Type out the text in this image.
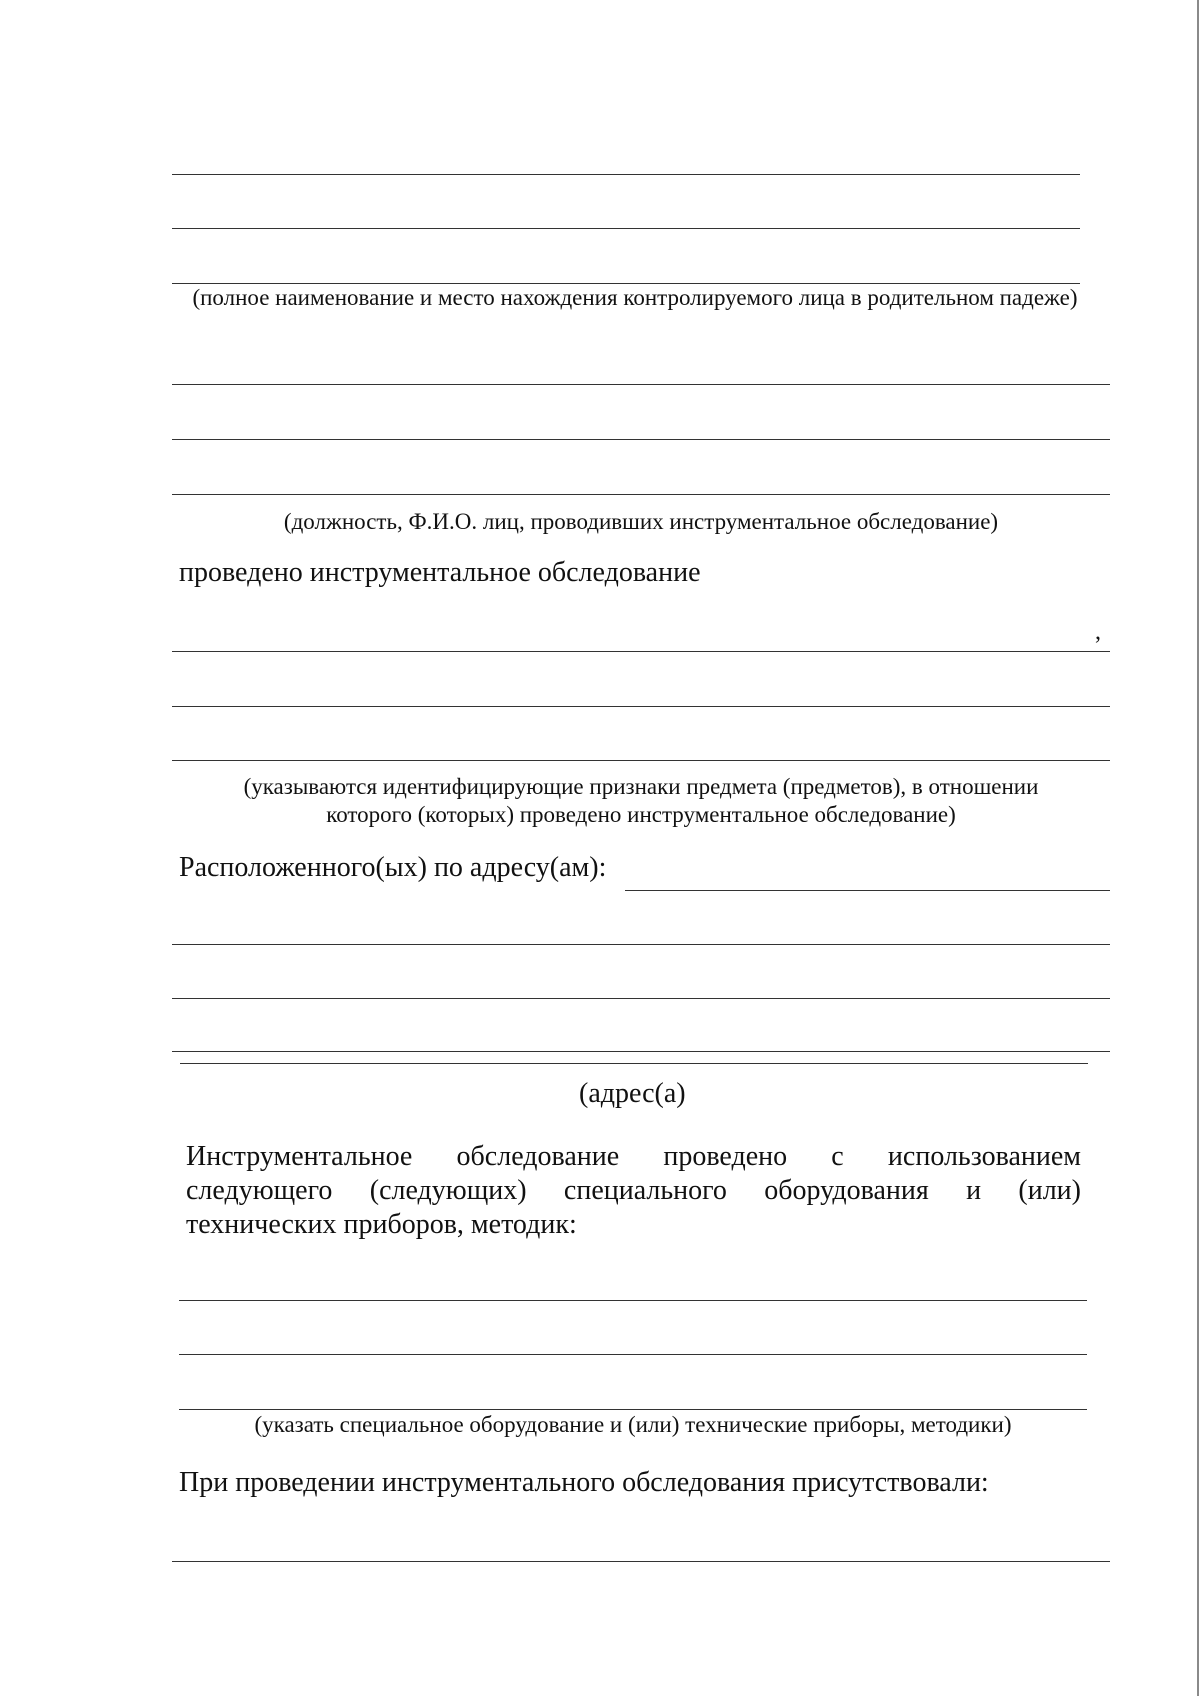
(полное наименование и место нахождения контролируемого лица в родительном падеже)
(должность, Ф.И.О. лиц, проводивших инструментальное обследование)
проведено инструментальное обследование
,
(указываются идентифицирующие признаки предмета (предметов), в отношении
которого (которых) проведено инструментальное обследование)
Расположенного(ых) по адресу(ам):
(адрес(а)
Инструментальное обследование проведено с использованием следующего (следующих) специального оборудования и (или) технических приборов, методик:
(указать специальное оборудование и (или) технические приборы, методики)
При проведении инструментального обследования присутствовали:
